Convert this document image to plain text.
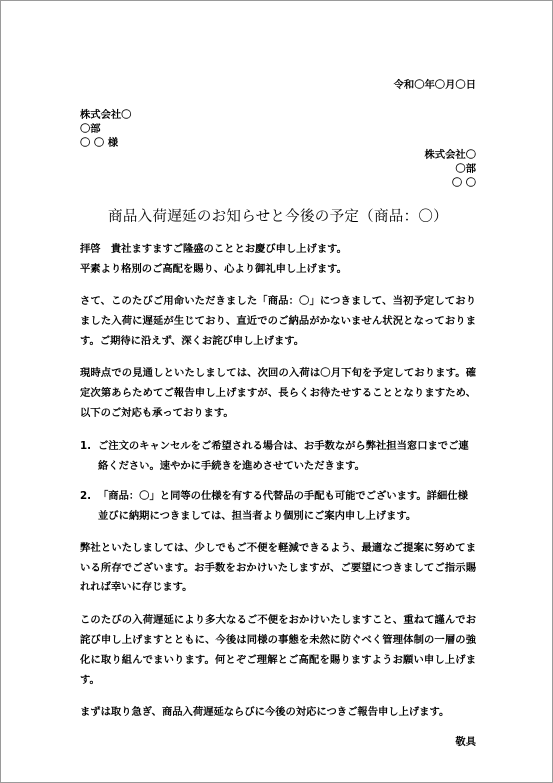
令和〇年〇月〇日
株式会社〇
〇部
〇 〇 様
株式会社〇
〇部
〇 〇
商品入荷遅延のお知らせと今後の予定（商品：〇）
拝啓　貴社ますますご隆盛のこととお慶び申し上げます。
平素より格別のご高配を賜り、心より御礼申し上げます。
さて、このたびご用命いただきました「商品：〇」につきまして、当初予定しておりました入荷に遅延が生じており、直近でのご納品がかないません状況となっております。ご期待に沿えず、深くお詫び申し上げます。
現時点での見通しといたしましては、次回の入荷は〇月下旬を予定しております。確定次第あらためてご報告申し上げますが、長らくお待たせすることとなりますため、以下のご対応も承っております。
1. ご注文のキャンセルをご希望される場合は、お手数ながら弊社担当窓口までご連絡ください。速やかに手続きを進めさせていただきます。
2. 「商品：〇」と同等の仕様を有する代替品の手配も可能でございます。詳細仕様並びに納期につきましては、担当者より個別にご案内申し上げます。
弊社といたしましては、少しでもご不便を軽減できるよう、最適なご提案に努めてまいる所存でございます。お手数をおかけいたしますが、ご要望につきましてご指示賜れれば幸いに存じます。
このたびの入荷遅延により多大なるご不便をおかけいたしますこと、重ねて謹んでお詫び申し上げますとともに、今後は同様の事態を未然に防ぐべく管理体制の一層の強化に取り組んでまいります。何とぞご理解とご高配を賜りますようお願い申し上げます。
まずは取り急ぎ、商品入荷遅延ならびに今後の対応につきご報告申し上げます。
敬具
